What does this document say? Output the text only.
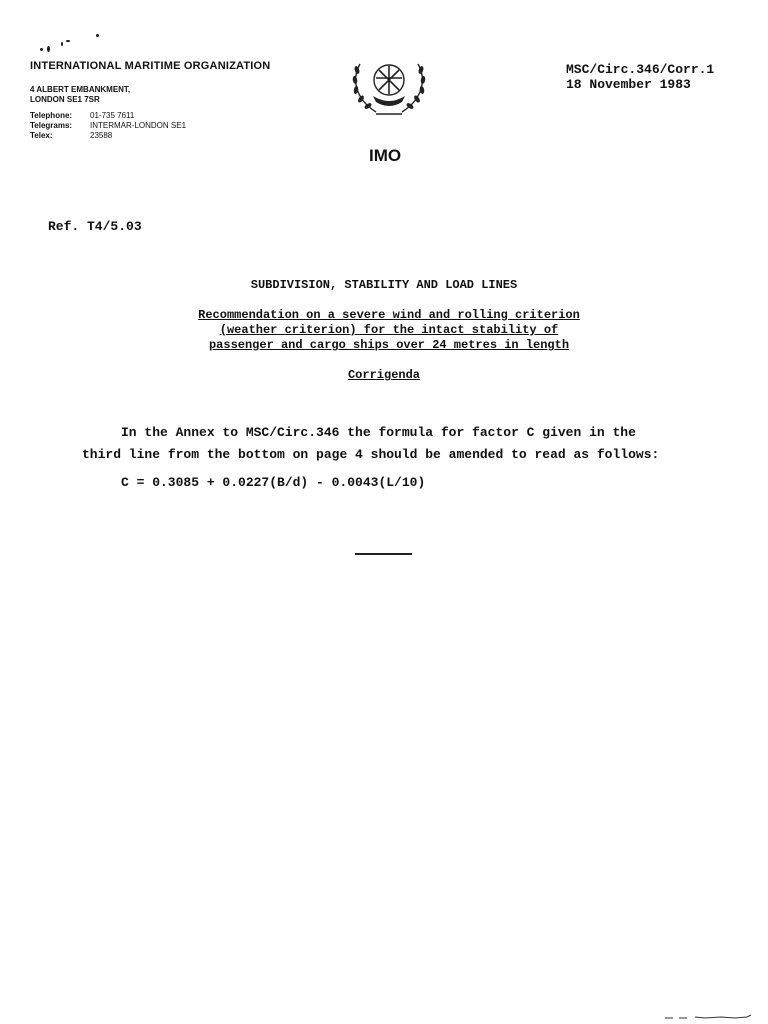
INTERNATIONAL MARITIME ORGANIZATION
4 ALBERT EMBANKMENT,
LONDON SE1 7SR
Telephone:	01-735 7611
Telegrams:	INTERMAR-LONDON SE1
Telex:	23588
IMO
MSC/Circ.346/Corr.1
18 November 1983
Ref. T4/5.03
SUBDIVISION, STABILITY AND LOAD LINES
Recommendation on a severe wind and rolling criterion
(weather criterion) for the intact stability of
passenger and cargo ships over 24 metres in length
Corrigenda
In the Annex to MSC/Circ.346 the formula for factor C given in the
third line from the bottom on page 4 should be amended to read as follows:
C = 0.3085 + 0.0227(B/d) - 0.0043(L/10)
